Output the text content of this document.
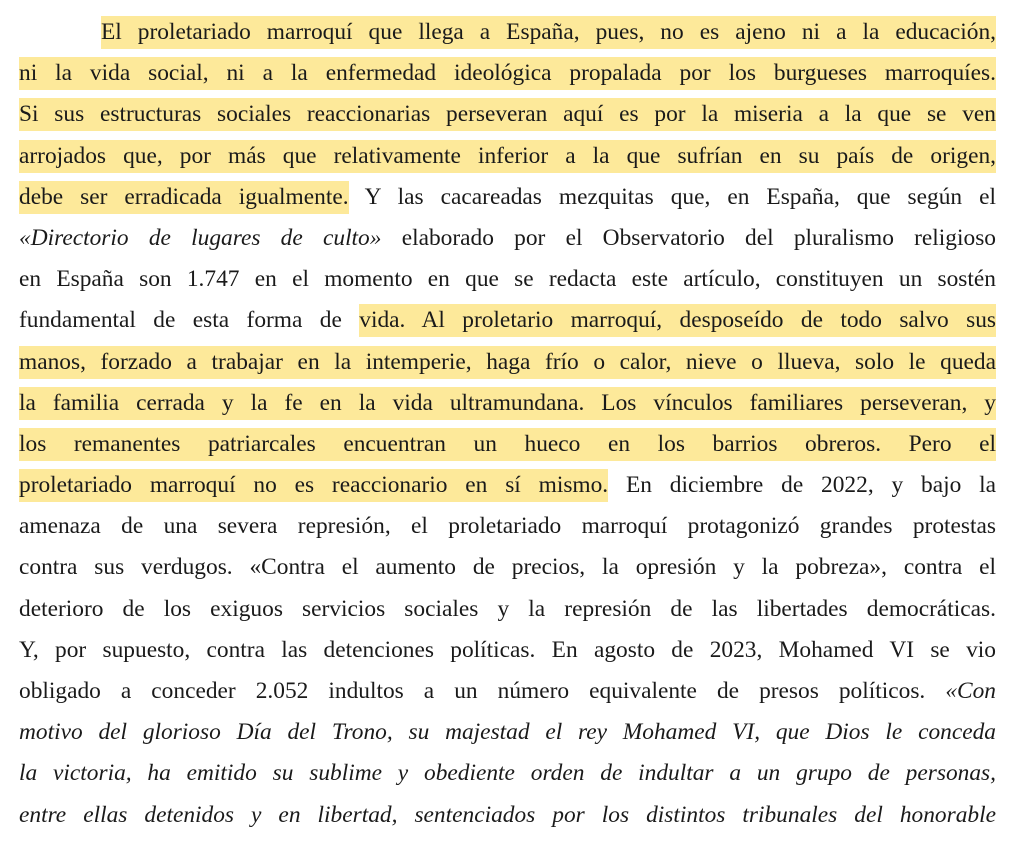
El proletariado marroquí que llega a España, pues, no es ajeno ni a la educación,
ni la vida social, ni a la enfermedad ideológica propalada por los burgueses marroquíes.
Si sus estructuras sociales reaccionarias perseveran aquí es por la miseria a la que se ven
arrojados que, por más que relativamente inferior a la que sufrían en su país de origen,
debe ser erradicada igualmente. Y las cacareadas mezquitas que, en España, que según el
«Directorio de lugares de culto» elaborado por el Observatorio del pluralismo religioso
en España son 1.747 en el momento en que se redacta este artículo, constituyen un sostén
fundamental de esta forma de vida. Al proletario marroquí, desposeído de todo salvo sus
manos, forzado a trabajar en la intemperie, haga frío o calor, nieve o llueva, solo le queda
la familia cerrada y la fe en la vida ultramundana. Los vínculos familiares perseveran, y
los remanentes patriarcales encuentran un hueco en los barrios obreros. Pero el
proletariado marroquí no es reaccionario en sí mismo. En diciembre de 2022, y bajo la
amenaza de una severa represión, el proletariado marroquí protagonizó grandes protestas
contra sus verdugos. «Contra el aumento de precios, la opresión y la pobreza», contra el
deterioro de los exiguos servicios sociales y la represión de las libertades democráticas.
Y, por supuesto, contra las detenciones políticas. En agosto de 2023, Mohamed VI se vio
obligado a conceder 2.052 indultos a un número equivalente de presos políticos. «Con
motivo del glorioso Día del Trono, su majestad el rey Mohamed VI, que Dios le conceda
la victoria, ha emitido su sublime y obediente orden de indultar a un grupo de personas,
entre ellas detenidos y en libertad, sentenciados por los distintos tribunales del honorable
